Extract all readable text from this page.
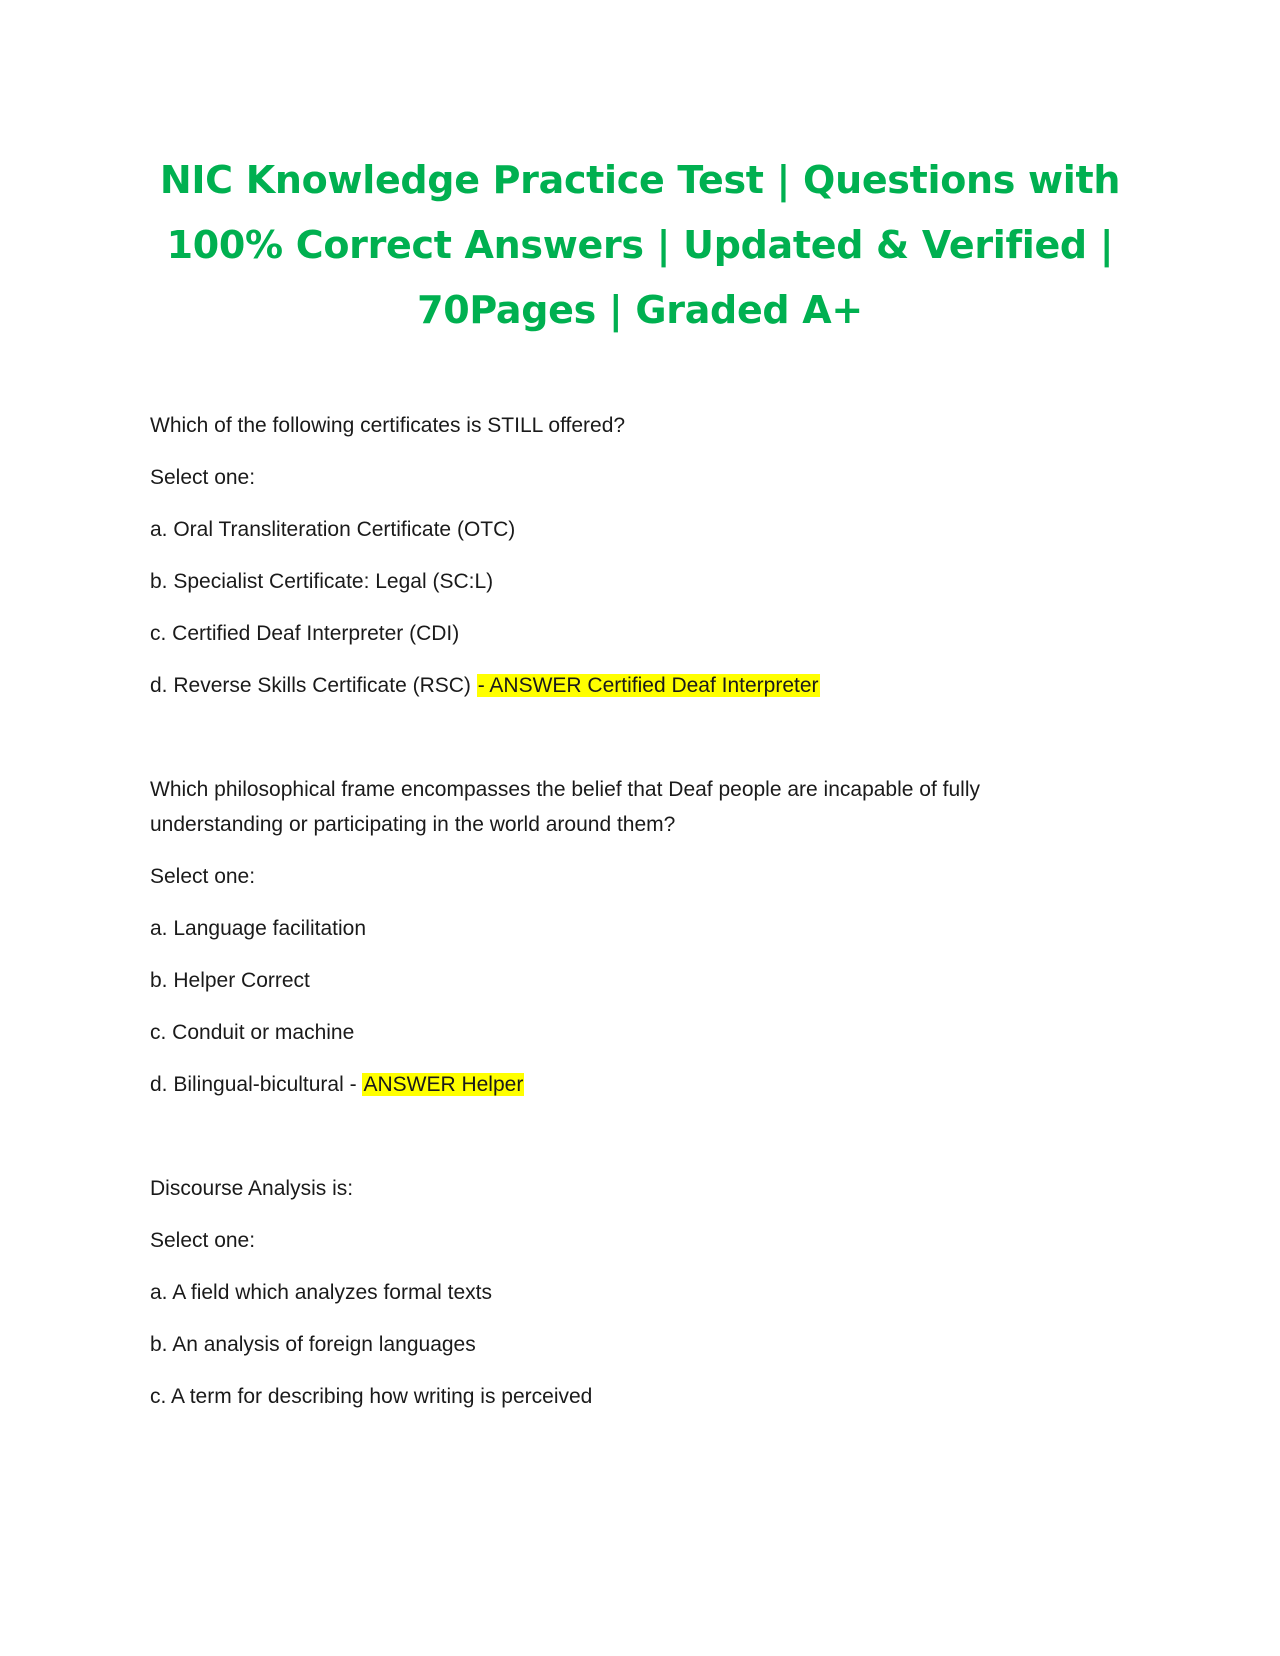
NIC Knowledge Practice Test | Questions with
100% Correct Answers | Updated & Verified |
70Pages | Graded A+

Which of the following certificates is STILL offered?

Select one:

a. Oral Transliteration Certificate (OTC)

b. Specialist Certificate: Legal (SC:L)

c. Certified Deaf Interpreter (CDI)

d. Reverse Skills Certificate (RSC) - ANSWER Certified Deaf Interpreter

Which philosophical frame encompasses the belief that Deaf people are incapable of fully

understanding or participating in the world around them?

Select one:

a. Language facilitation

b. Helper Correct

c. Conduit or machine

d. Bilingual-bicultural - ANSWER Helper

Discourse Analysis is:

Select one:

a. A field which analyzes formal texts

b. An analysis of foreign languages

c. A term for describing how writing is perceived
